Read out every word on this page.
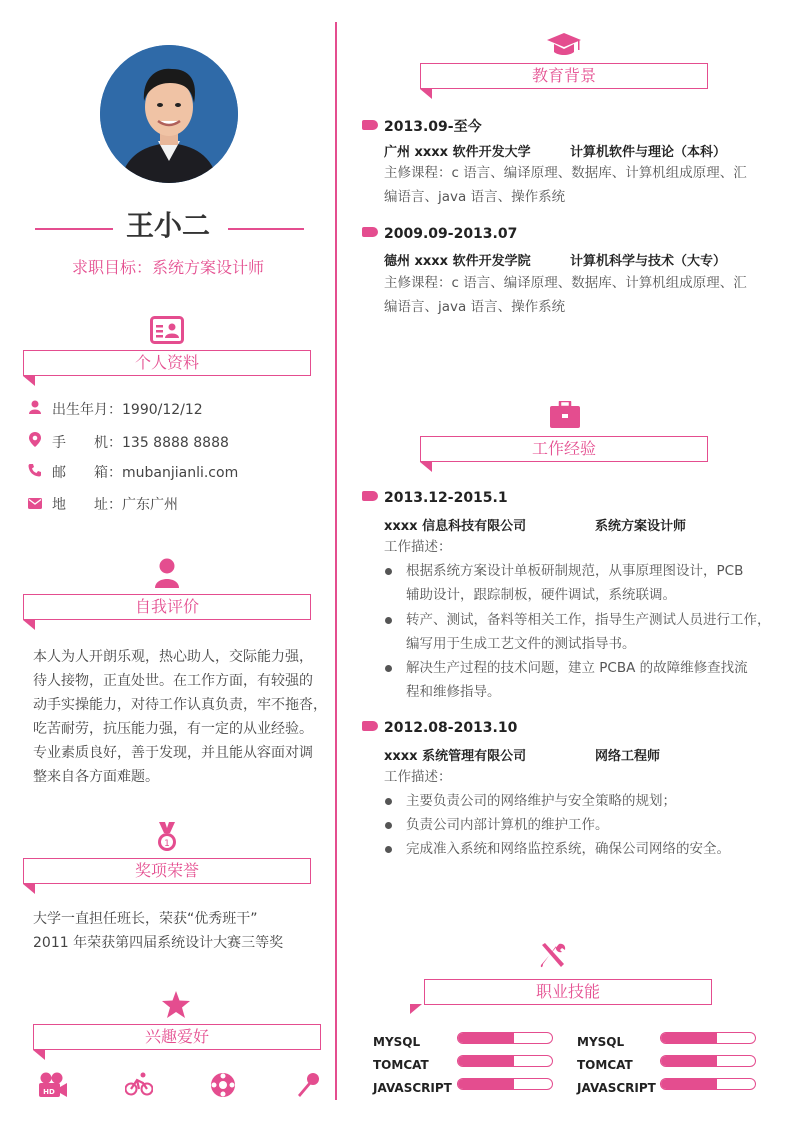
王小二
求职目标：系统方案设计师
个人资料
出生年月：1990/12/12
手　　机：135 8888 8888
邮　　箱：mubanjianli.com
地　　址：广东广州
自我评价
本人为人开朗乐观，热心助人，交际能力强，
待人接物，正直处世。在工作方面，有较强的
动手实操能力，对待工作认真负责，牢不拖沓，
吃苦耐劳，抗压能力强，有一定的从业经验。
专业素质良好，善于发现，并且能从容面对调
整来自各方面难题。
1
奖项荣誉
大学一直担任班长，荣获“优秀班干”
2011 年荣获第四届系统设计大赛三等奖
兴趣爱好
HD
教育背景
2013.09-至今
广州 xxxx 软件开发大学	计算机软件与理论（本科）
主修课程：c 语言、编译原理、数据库、计算机组成原理、汇
编语言、java 语言、操作系统
2009.09-2013.07
德州 xxxx 软件开发学院	计算机科学与技术（大专）
主修课程：c 语言、编译原理、数据库、计算机组成原理、汇
编语言、java 语言、操作系统
工作经验
2013.12-2015.1
xxxx 信息科技有限公司	系统方案设计师
工作描述：
根据系统方案设计单板研制规范，从事原理图设计，PCB
辅助设计，跟踪制板，硬件调试，系统联调。
转产、测试，备料等相关工作，指导生产测试人员进行工作，
编写用于生成工艺文件的测试指导书。
解决生产过程的技术问题，建立 PCBA 的故障维修查找流
程和维修指导。
2012.08-2013.10
xxxx 系统管理有限公司	网络工程师
工作描述：
主要负责公司的网络维护与安全策略的规划；
负责公司内部计算机的维护工作。
完成准入系统和网络监控系统，确保公司网络的安全。
职业技能
MYSQL
TOMCAT
JAVASCRIPT
MYSQL
TOMCAT
JAVASCRIPT
